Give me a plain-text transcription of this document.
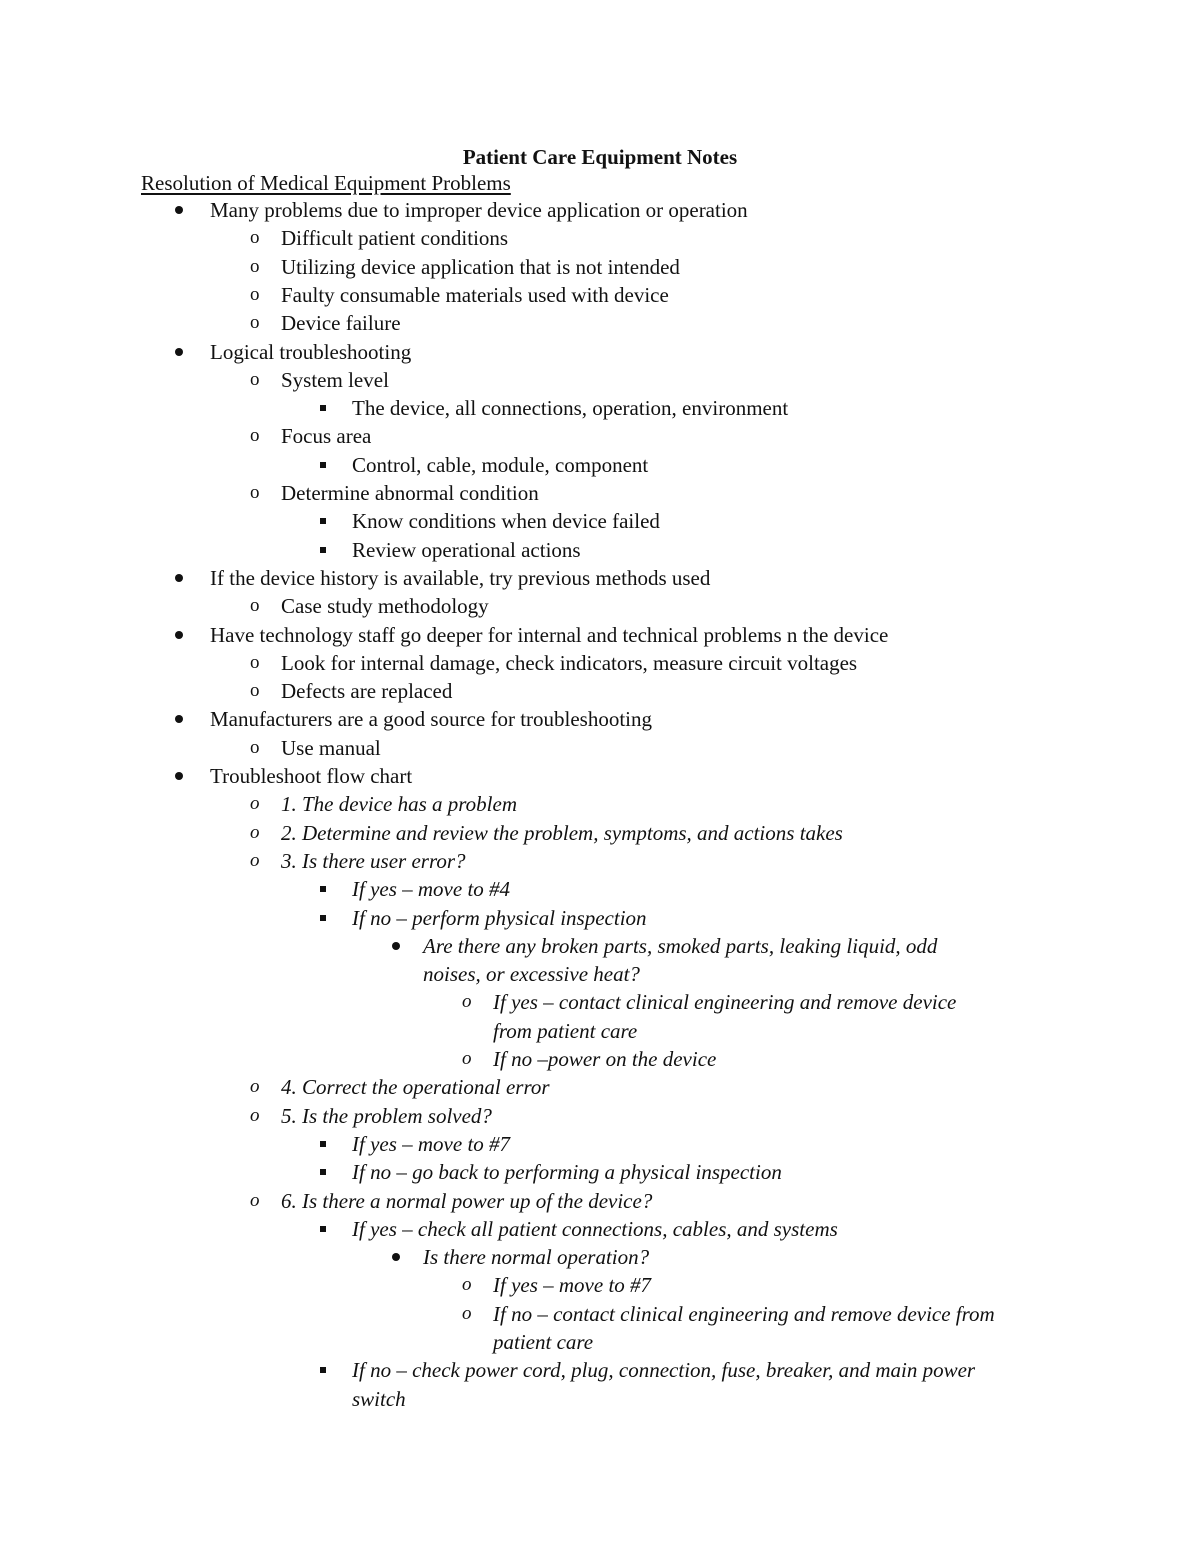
Patient Care Equipment Notes
Resolution of Medical Equipment Problems
Many problems due to improper device application or operation
o Difficult patient conditions
o Utilizing device application that is not intended
o Faulty consumable materials used with device
o Device failure
Logical troubleshooting
o System level
The device, all connections, operation, environment
o Focus area
Control, cable, module, component
o Determine abnormal condition
Know conditions when device failed
Review operational actions
If the device history is available, try previous methods used
o Case study methodology
Have technology staff go deeper for internal and technical problems n the device
o Look for internal damage, check indicators, measure circuit voltages
o Defects are replaced
Manufacturers are a good source for troubleshooting
o Use manual
Troubleshoot flow chart
o 1. The device has a problem
o 2. Determine and review the problem, symptoms, and actions takes
o 3. Is there user error?
If yes – move to #4
If no – perform physical inspection
Are there any broken parts, smoked parts, leaking liquid, odd
noises, or excessive heat?
o If yes – contact clinical engineering and remove device
from patient care
o If no –power on the device
o 4. Correct the operational error
o 5. Is the problem solved?
If yes – move to #7
If no – go back to performing a physical inspection
o 6. Is there a normal power up of the device?
If yes – check all patient connections, cables, and systems
Is there normal operation?
o If yes – move to #7
o If no – contact clinical engineering and remove device from
patient care
If no – check power cord, plug, connection, fuse, breaker, and main power
switch
